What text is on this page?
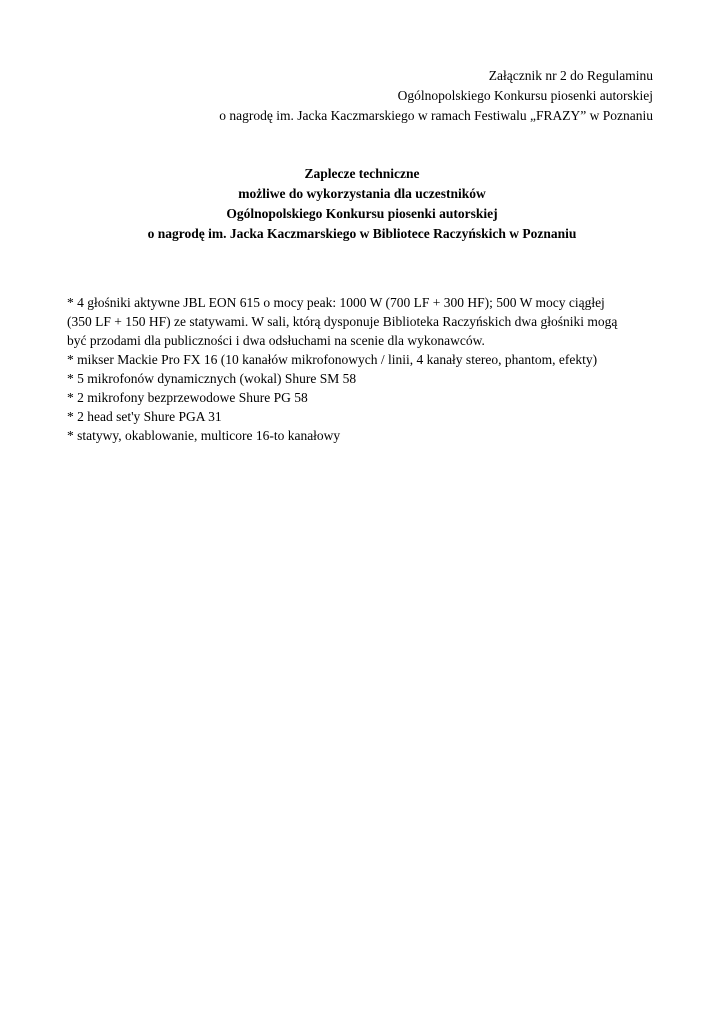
Załącznik nr 2 do Regulaminu
Ogólnopolskiego Konkursu piosenki autorskiej
o nagrodę im. Jacka Kaczmarskiego w ramach Festiwalu „FRAZY” w Poznaniu
Zaplecze techniczne
możliwe do wykorzystania dla uczestników
Ogólnopolskiego Konkursu piosenki autorskiej
o nagrodę im. Jacka Kaczmarskiego w Bibliotece Raczyńskich w Poznaniu
* 4 głośniki aktywne JBL EON 615 o mocy peak: 1000 W (700 LF + 300 HF); 500 W mocy ciągłej
(350 LF + 150 HF) ze statywami. W sali, którą dysponuje Biblioteka Raczyńskich dwa głośniki mogą
być przodami dla publiczności i dwa odsłuchami na scenie dla wykonawców.
* mikser Mackie Pro FX 16 (10 kanałów mikrofonowych / linii, 4 kanały stereo, phantom, efekty)
* 5 mikrofonów dynamicznych (wokal) Shure SM 58
* 2 mikrofony bezprzewodowe Shure PG 58
* 2 head set'y Shure PGA 31
* statywy, okablowanie, multicore 16-to kanałowy
